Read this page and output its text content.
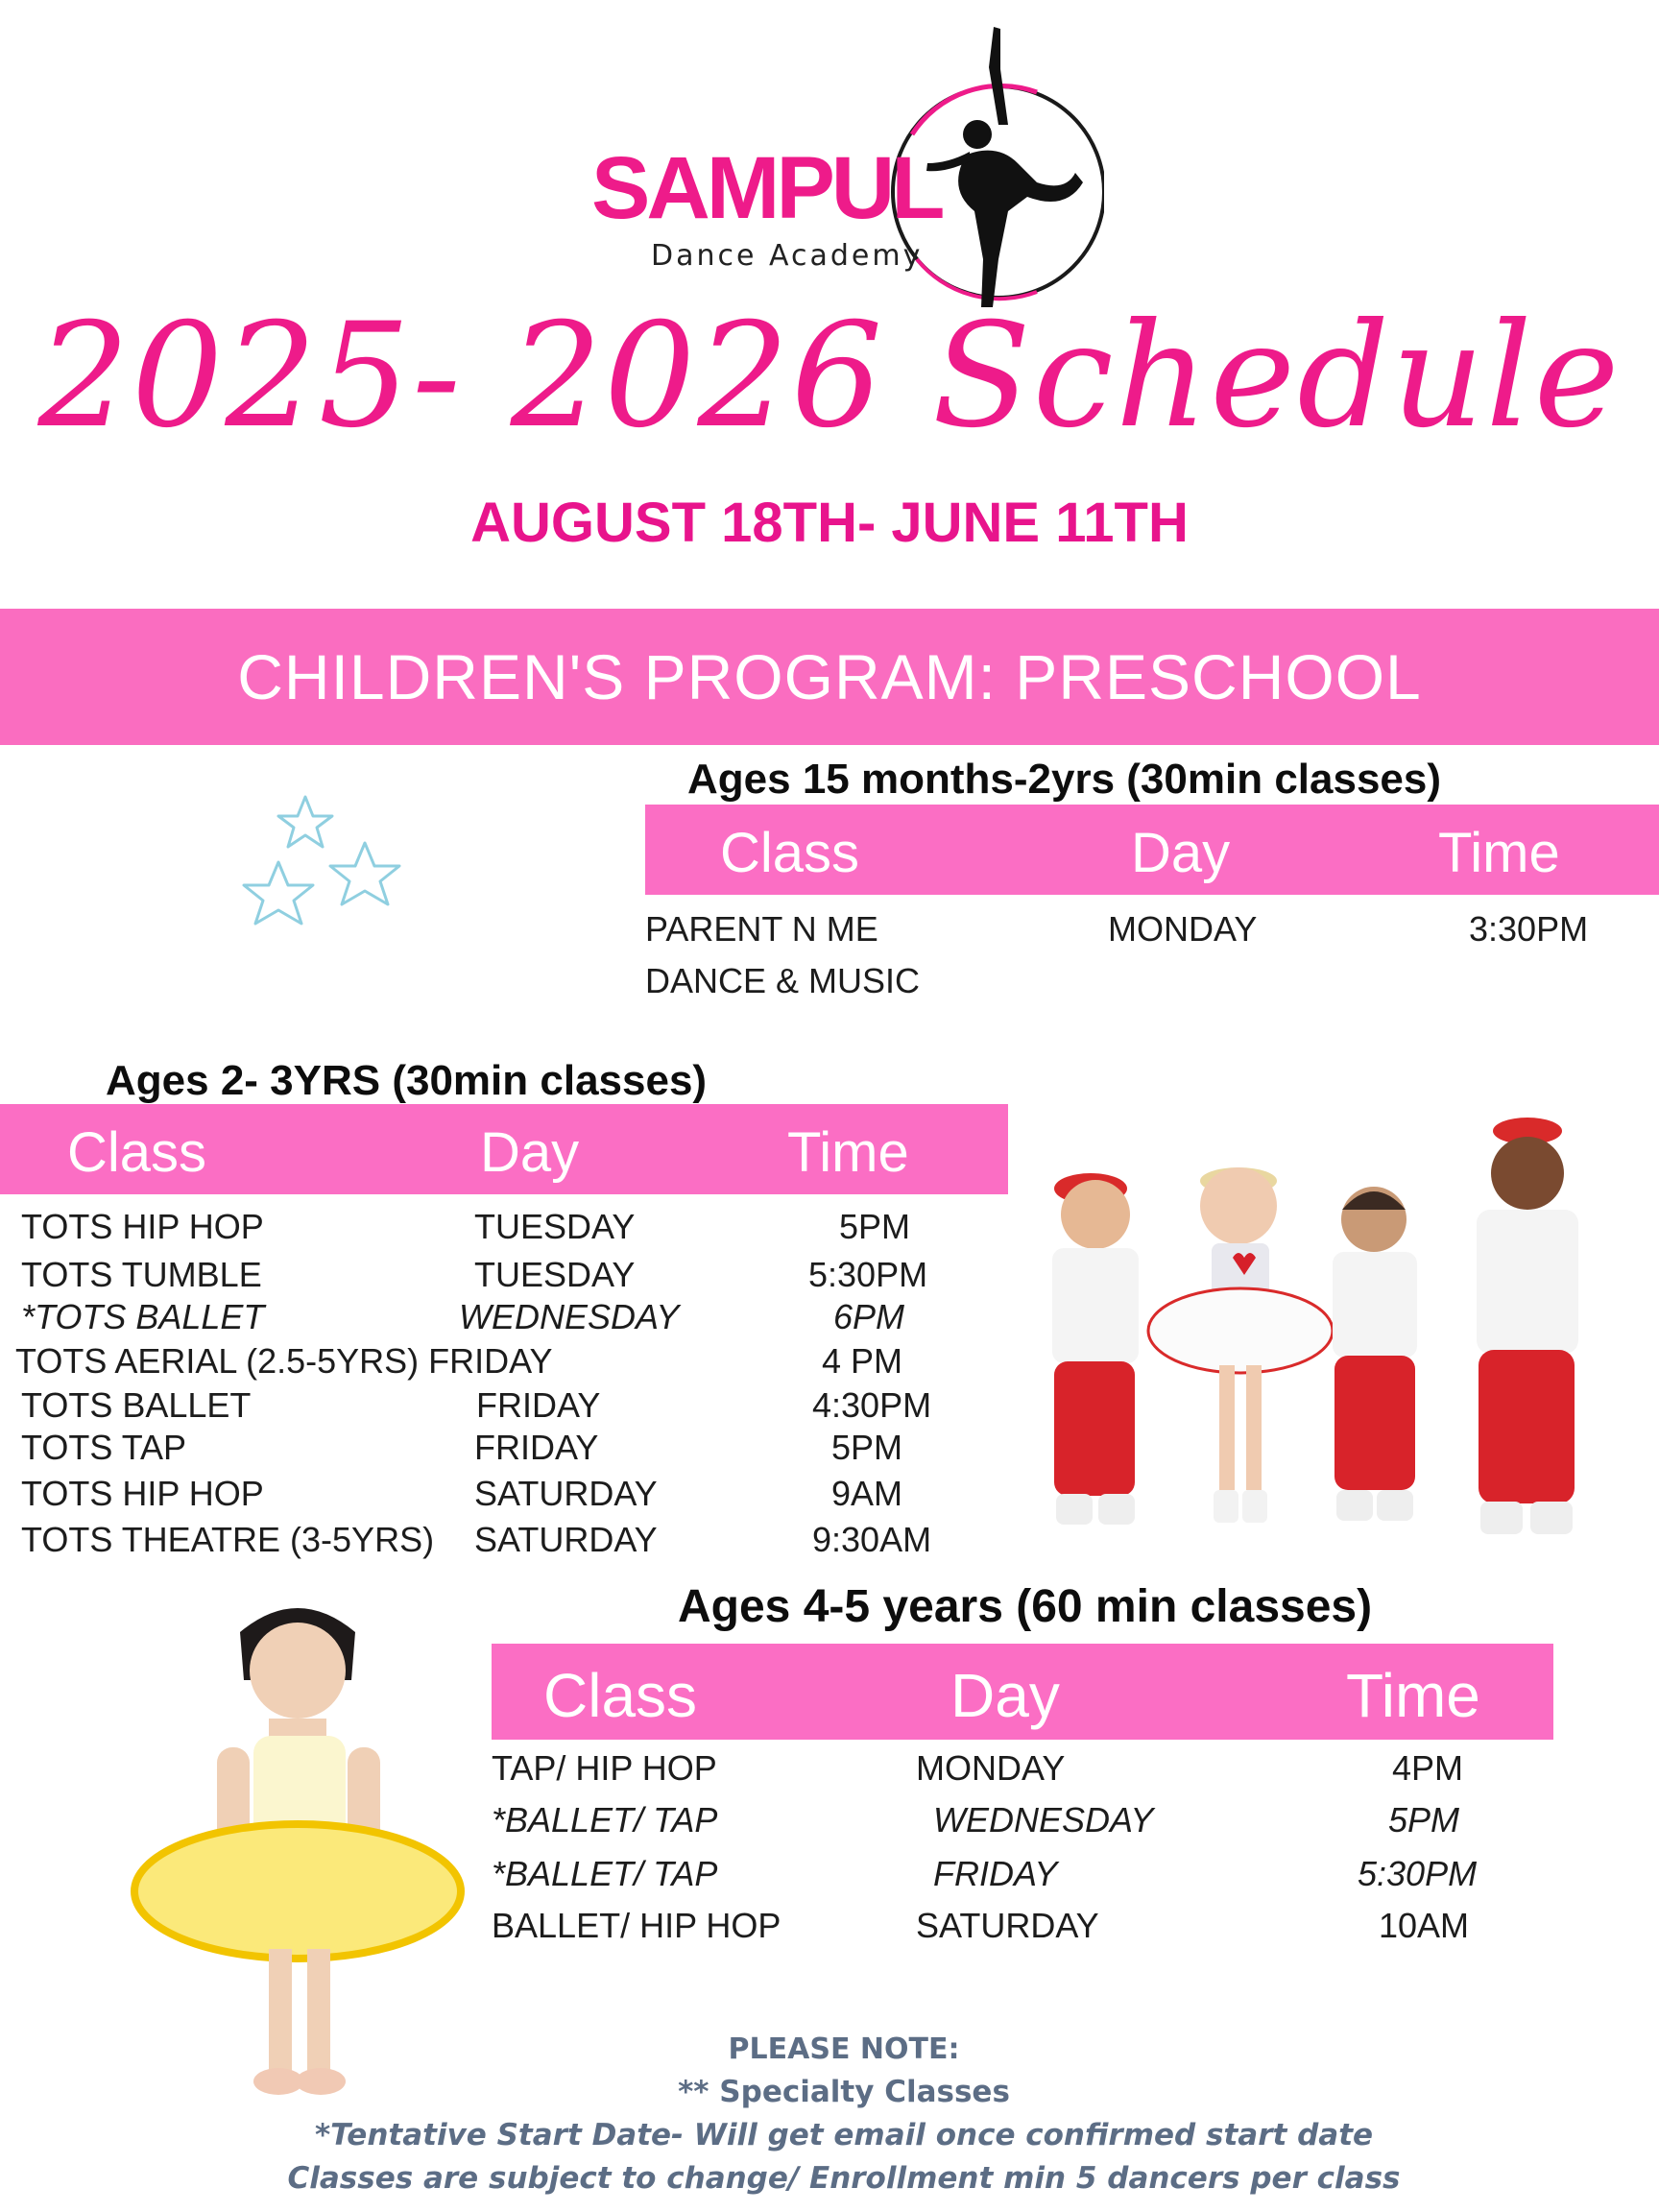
SAMPUL
Dance Academy
2025- 2026 Schedule
AUGUST 18TH- JUNE 11TH
CHILDREN'S PROGRAM: PRESCHOOL
Ages 15 months-2yrs (30min classes)
Class	Day	Time
PARENT N ME
DANCE & MUSIC
MONDAY	3:30PM
Ages 2- 3YRS (30min classes)
Class	Day	Time
TOTS HIP HOP	TUESDAY	5PM
TOTS TUMBLE	TUESDAY	5:30PM
*TOTS BALLET	WEDNESDAY	6PM
TOTS AERIAL (2.5-5YRS) FRIDAY	4 PM
TOTS BALLET	FRIDAY	4:30PM
TOTS TAP	FRIDAY	5PM
TOTS HIP HOP	SATURDAY	9AM
TOTS THEATRE (3-5YRS) SATURDAY	9:30AM
Ages 4-5 years (60 min classes)
Class	Day	Time
TAP/ HIP HOP	MONDAY	4PM
*BALLET/ TAP	WEDNESDAY	5PM
*BALLET/ TAP	FRIDAY	5:30PM
BALLET/ HIP HOP	SATURDAY	10AM
PLEASE NOTE:
** Specialty Classes
*Tentative Start Date- Will get email once confirmed start date
Classes are subject to change/ Enrollment min 5 dancers per class
